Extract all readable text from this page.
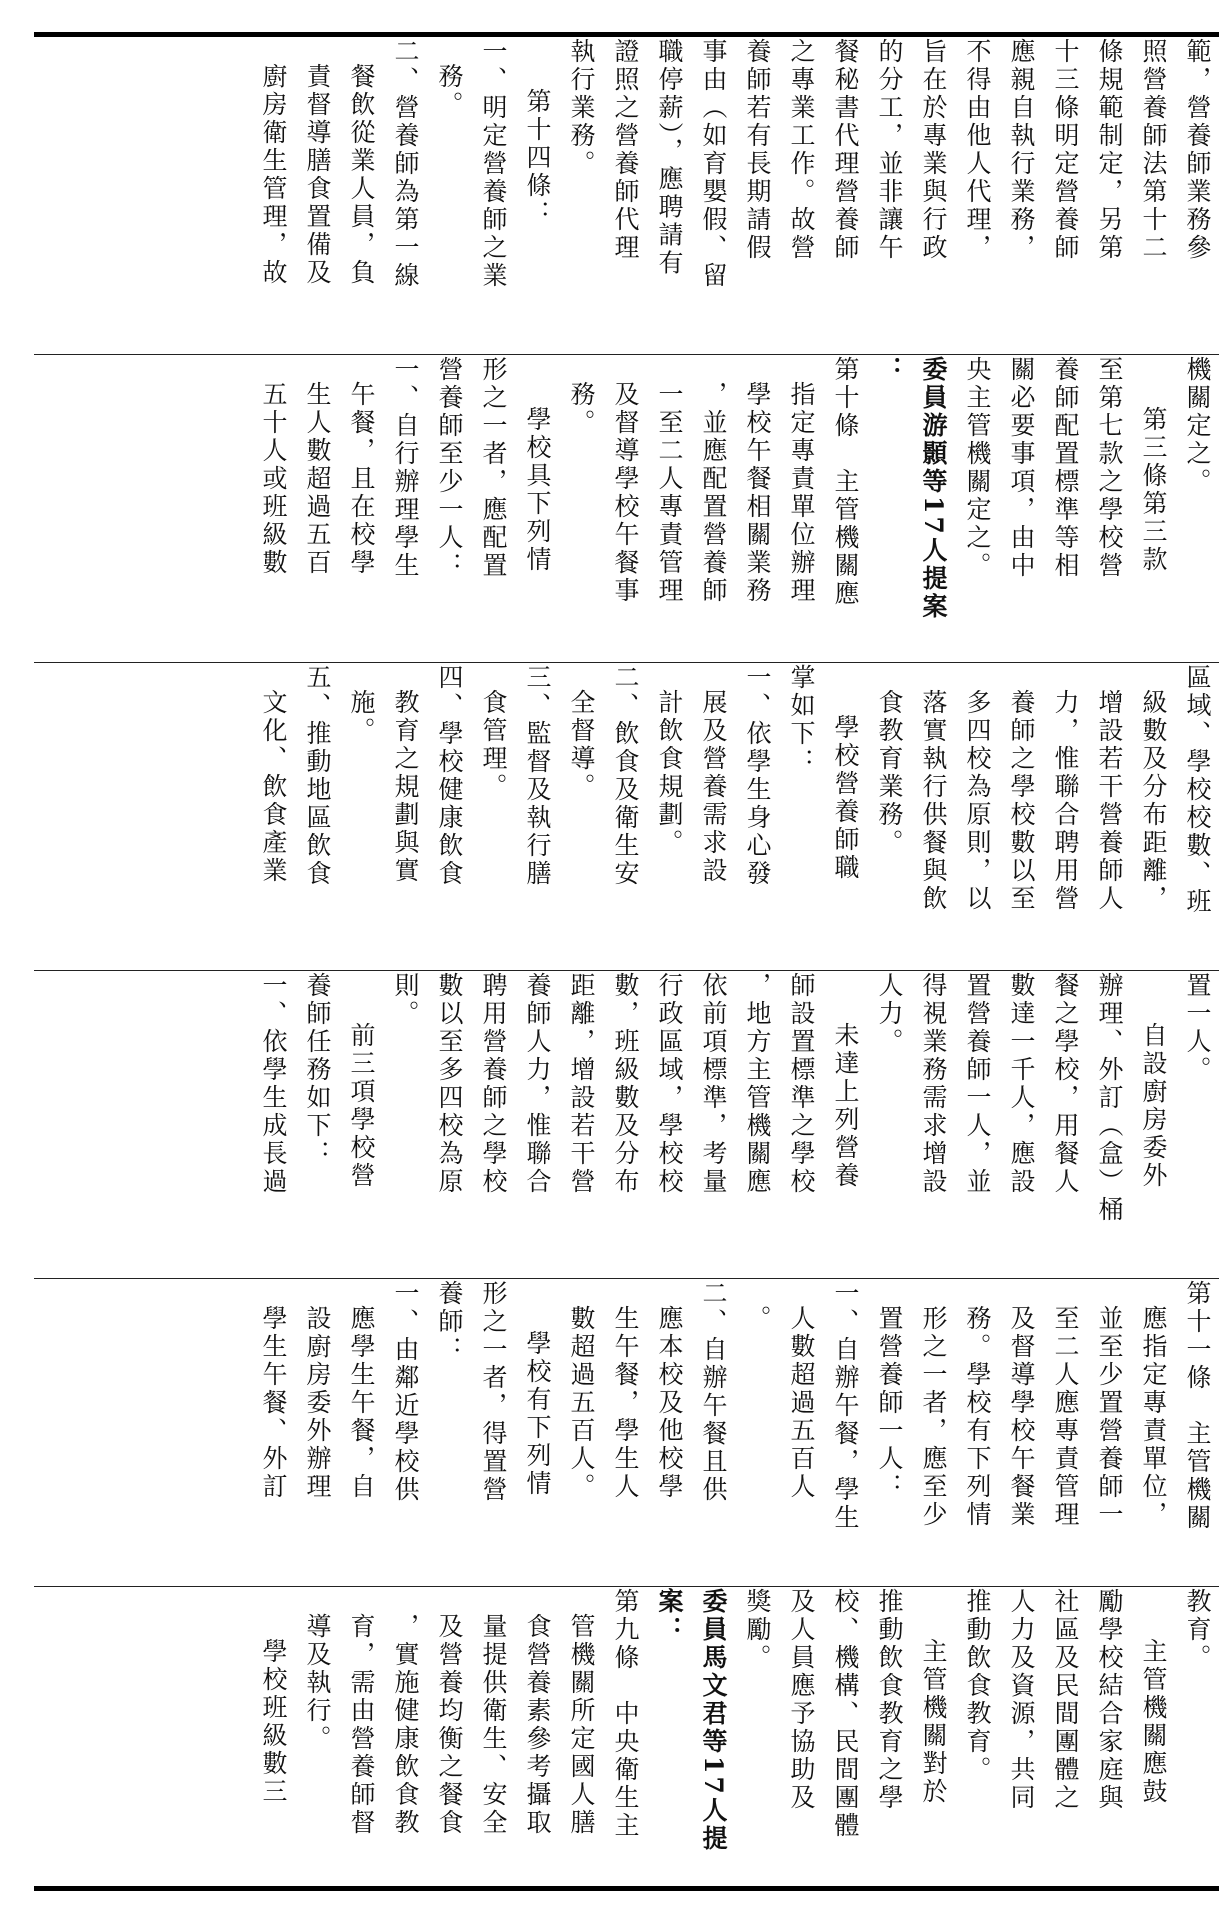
範，營養師業務參
照營養師法第十二
條規範制定，另第
十三條明定營養師
應親自執行業務，
不得由他人代理，
旨在於專業與行政
的分工，並非讓午
餐秘書代理營養師
之專業工作。故營
養師若有長期請假
事由（如育嬰假、留
職停薪），應聘請有
證照之營養師代理
執行業務。
第十四條：
一、明定營養師之業
務。
二、營養師為第一線
餐飲從業人員，負
責督導膳食置備及
廚房衛生管理，故
機關定之。
第三條第三款
至第七款之學校營
養師配置標準等相
關必要事項，由中
央主管機關定之。
委員游顥等17人提案
：
第十條　主管機關應
指定專責單位辦理
學校午餐相關業務
，並應配置營養師
一至二人專責管理
及督導學校午餐事
務。
學校具下列情
形之一者，應配置
營養師至少一人：
一、自行辦理學生
午餐，且在校學
生人數超過五百
五十人或班級數
區域、學校校數、班
級數及分布距離，
增設若干營養師人
力，惟聯合聘用營
養師之學校數以至
多四校為原則，以
落實執行供餐與飲
食教育業務。
學校營養師職
掌如下：
一、依學生身心發
展及營養需求設
計飲食規劃。
二、飲食及衛生安
全督導。
三、監督及執行膳
食管理。
四、學校健康飲食
教育之規劃與實
施。
五、推動地區飲食
文化、飲食產業
置一人。
自設廚房委外
辦理、外訂（盒）桶
餐之學校，用餐人
數達一千人，應設
置營養師一人，並
得視業務需求增設
人力。
未達上列營養
師設置標準之學校
，地方主管機關應
依前項標準，考量
行政區域，學校校
數，班級數及分布
距離，增設若干營
養師人力，惟聯合
聘用營養師之學校
數以至多四校為原
則。
前三項學校營
養師任務如下：
一、依學生成長過
第十一條　主管機關
應指定專責單位，
並至少置營養師一
至二人應專責管理
及督導學校午餐業
務。學校有下列情
形之一者，應至少
置營養師一人：
一、自辦午餐，學生
人數超過五百人
。
二、自辦午餐且供
應本校及他校學
生午餐，學生人
數超過五百人。
學校有下列情
形之一者，得置營
養師：
一、由鄰近學校供
應學生午餐，自
設廚房委外辦理
學生午餐、外訂
教育。
主管機關應鼓
勵學校結合家庭與
社區及民間團體之
人力及資源，共同
推動飲食教育。
主管機關對於
推動飲食教育之學
校、機構、民間團體
及人員應予協助及
獎勵。
委員馬文君等17人提
案：
第九條　中央衛生主
管機關所定國人膳
食營養素參考攝取
量提供衛生、安全
及營養均衡之餐食
，實施健康飲食教
育，需由營養師督
導及執行。
學校班級數三
